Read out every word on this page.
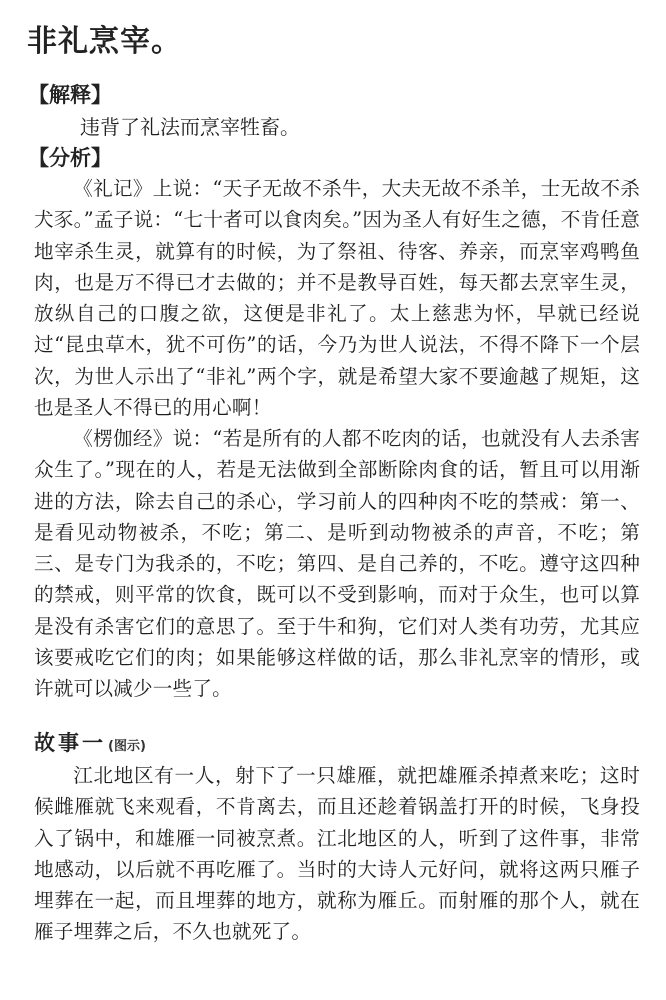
非礼烹宰。
【解释】

违背了礼法而烹宰牲畜。

【分析】

《礼记》上说：“天子无故不杀牛，大夫无故不杀羊，士无故不杀犬豕。”孟子说：“七十者可以食肉矣。”因为圣人有好生之德，不肯任意地宰杀生灵，就算有的时候，为了祭祖、待客、养亲，而烹宰鸡鸭鱼肉，也是万不得已才去做的；并不是教导百姓，每天都去烹宰生灵，放纵自己的口腹之欲，这便是非礼了。太上慈悲为怀，早就已经说过“昆虫草木，犹不可伤”的话，今乃为世人说法，不得不降下一个层次，为世人示出了“非礼”两个字，就是希望大家不要逾越了规矩，这也是圣人不得已的用心啊！

《楞伽经》说：“若是所有的人都不吃肉的话，也就没有人去杀害众生了。”现在的人，若是无法做到全部断除肉食的话，暂且可以用渐进的方法，除去自己的杀心，学习前人的四种肉不吃的禁戒：第一、是看见动物被杀，不吃；第二、是听到动物被杀的声音，不吃；第三、是专门为我杀的，不吃；第四、是自己养的，不吃。遵守这四种的禁戒，则平常的饮食，既可以不受到影响，而对于众生，也可以算是没有杀害它们的意思了。至于牛和狗，它们对人类有功劳，尤其应该要戒吃它们的肉；如果能够这样做的话，那么非礼烹宰的情形，或许就可以减少一些了。

故事一 (图示)

江北地区有一人，射下了一只雄雁，就把雄雁杀掉煮来吃；这时候雌雁就飞来观看，不肯离去，而且还趁着锅盖打开的时候，飞身投入了锅中，和雄雁一同被烹煮。江北地区的人，听到了这件事，非常地感动，以后就不再吃雁了。当时的大诗人元好问，就将这两只雁子埋葬在一起，而且埋葬的地方，就称为雁丘。而射雁的那个人，就在雁子埋葬之后，不久也就死了。
